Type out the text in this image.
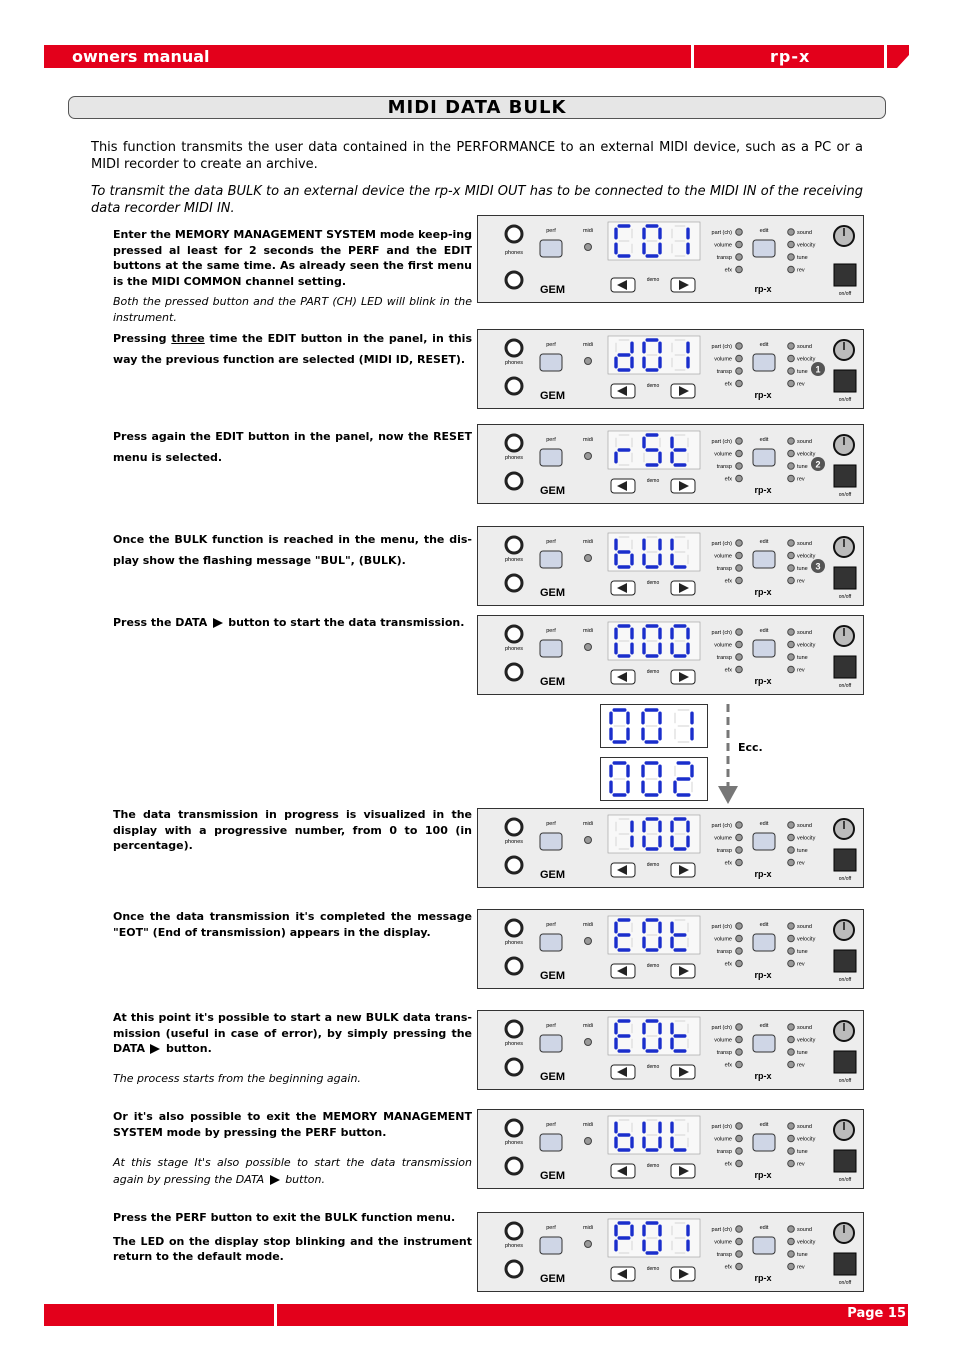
owners manual	rp-x
MIDI DATA BULK
This function transmits the user data contained in the PERFORMANCE to an external MIDI device, such as a PC or a MIDI recorder to create an archive.
To transmit the data BULK to an external device the rp-x MIDI OUT has to be connected to the MIDI IN of the receiving data recorder MIDI IN.
Enter the MEMORY MANAGEMENT SYSTEM mode keep-ing pressed al least for 2 seconds the PERF and the EDIT buttons at the same time. As already seen the first menu is the MIDI COMMON channel setting.
Both the pressed button and the PART (CH) LED will blink in the instrument.
Pressing three time the EDIT button in the panel, in this way the previous function are selected (MIDI ID, RESET).
Press again the EDIT button in the panel, now the RESET menu is selected.
Once the BULK function is reached in the menu, the dis-play show the flashing message "BUL", (BULK).
Press the DATA button to start the data transmission.
The data transmission in progress is visualized in the display with a progressive number, from 0 to 100 (in percentage).
Once the data transmission it's completed the message "EOT" (End of transmission) appears in the display.
At this point it's possible to start a new BULK data trans-mission (useful in case of error), by simply pressing the DATA button.
The process starts from the beginning again.
Or it's also possible to exit the MEMORY MANAGEMENT SYSTEM mode by pressing the PERF button.
At this stage It's also possible to start the data transmission again by pressing the DATA button.
Press the PERF button to exit the BULK function menu.
The LED on the display stop blinking and the instrument return to the default mode.
phones
perf	midi
GEM
demo
part (ch)
volume
transp
efx
edit	sound
velocity
tune
rev
rp-x	on/off
phones
perf	midi
GEM
demo
part (ch)
volume
transp
efx
edit	sound
velocity
tune
rev
rp-x	on/off
1
phones
perf	midi
GEM
demo
part (ch)
volume
transp
efx
edit	sound
velocity
tune
rev
rp-x	on/off
2
phones
perf	midi
GEM
demo
part (ch)
volume
transp
efx
edit	sound
velocity
tune
rev
rp-x	on/off
3
phones
perf	midi
GEM
demo
part (ch)
volume
transp
efx
edit	sound
velocity
tune
rev
rp-x	on/off
phones
perf	midi
GEM
demo
part (ch)
volume
transp
efx
edit	sound
velocity
tune
rev
rp-x	on/off
phones
perf	midi
GEM
demo
part (ch)
volume
transp
efx
edit	sound
velocity
tune
rev
rp-x	on/off
phones
perf	midi
GEM
demo
part (ch)
volume
transp
efx
edit	sound
velocity
tune
rev
rp-x	on/off
phones
perf	midi
GEM
demo
part (ch)
volume
transp
efx
edit	sound
velocity
tune
rev
rp-x	on/off
phones
perf	midi
GEM
demo
part (ch)
volume
transp
efx
edit	sound
velocity
tune
rev
rp-x	on/off
Ecc.
Page 15
